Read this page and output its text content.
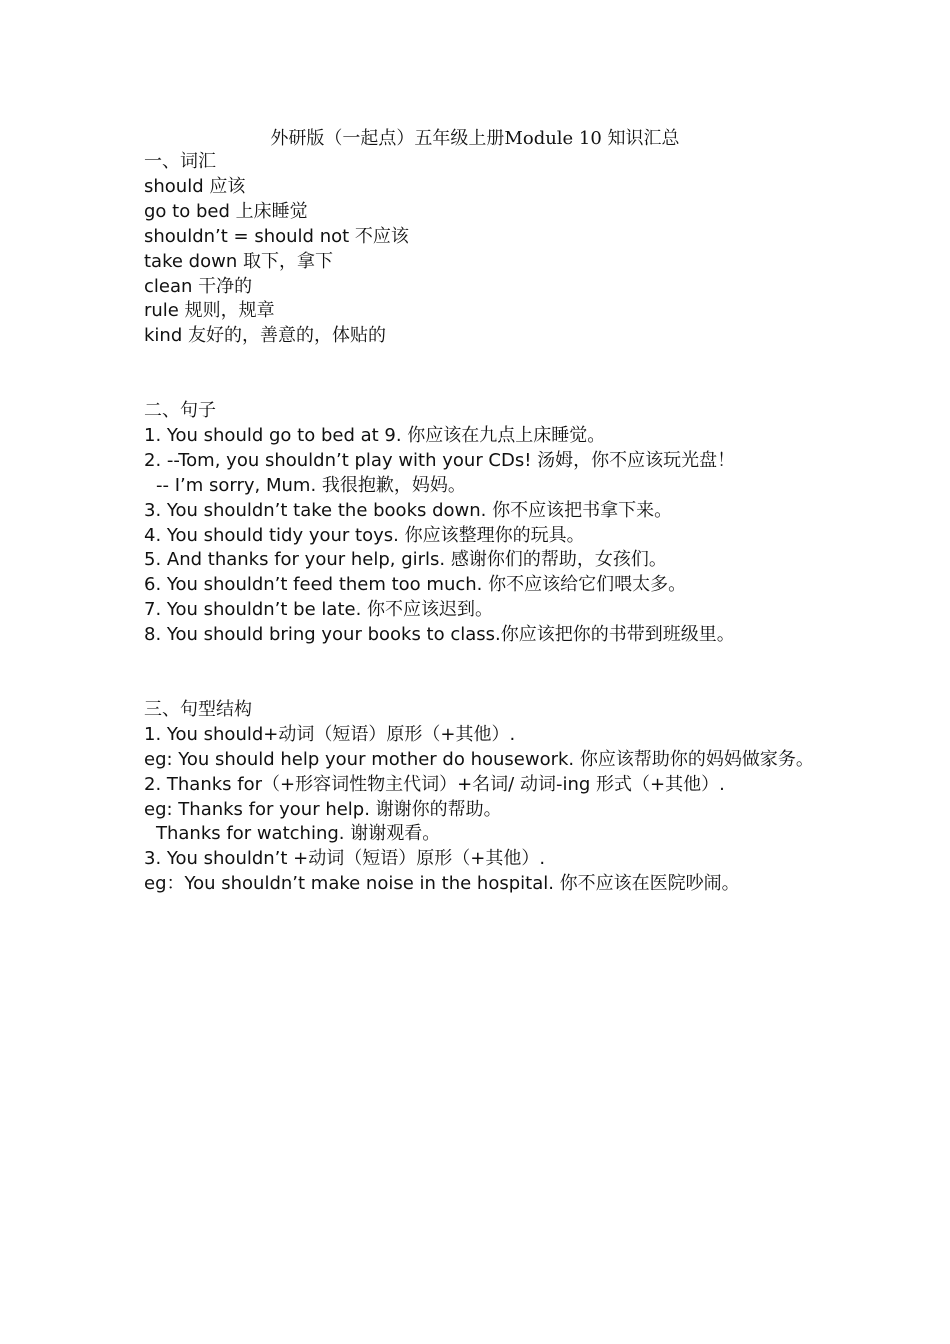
外研版（一起点）五年级上册Module 10 知识汇总

一、词汇

should 应该

go to bed 上床睡觉

shouldn’t = should not 不应该

take down 取下，拿下

clean 干净的

rule 规则，规章

kind 友好的，善意的，体贴的

二、句子

1. You should go to bed at 9. 你应该在九点上床睡觉。

2. --Tom, you shouldn’t play with your CDs! 汤姆，你不应该玩光盘！

-- I’m sorry, Mum. 我很抱歉，妈妈。

3. You shouldn’t take the books down. 你不应该把书拿下来。

4. You should tidy your toys. 你应该整理你的玩具。

5. And thanks for your help, girls. 感谢你们的帮助，女孩们。

6. You shouldn’t feed them too much. 你不应该给它们喂太多。

7. You shouldn’t be late. 你不应该迟到。

8. You should bring your books to class.你应该把你的书带到班级里。

三、句型结构

1. You should+动词（短语）原形（+其他）.

eg: You should help your mother do housework. 你应该帮助你的妈妈做家务。

2. Thanks for（+形容词性物主代词）+名词/ 动词-ing 形式（+其他）.

eg: Thanks for your help. 谢谢你的帮助。

Thanks for watching. 谢谢观看。

3. You shouldn’t +动词（短语）原形（+其他）.

eg：You shouldn’t make noise in the hospital. 你不应该在医院吵闹。
